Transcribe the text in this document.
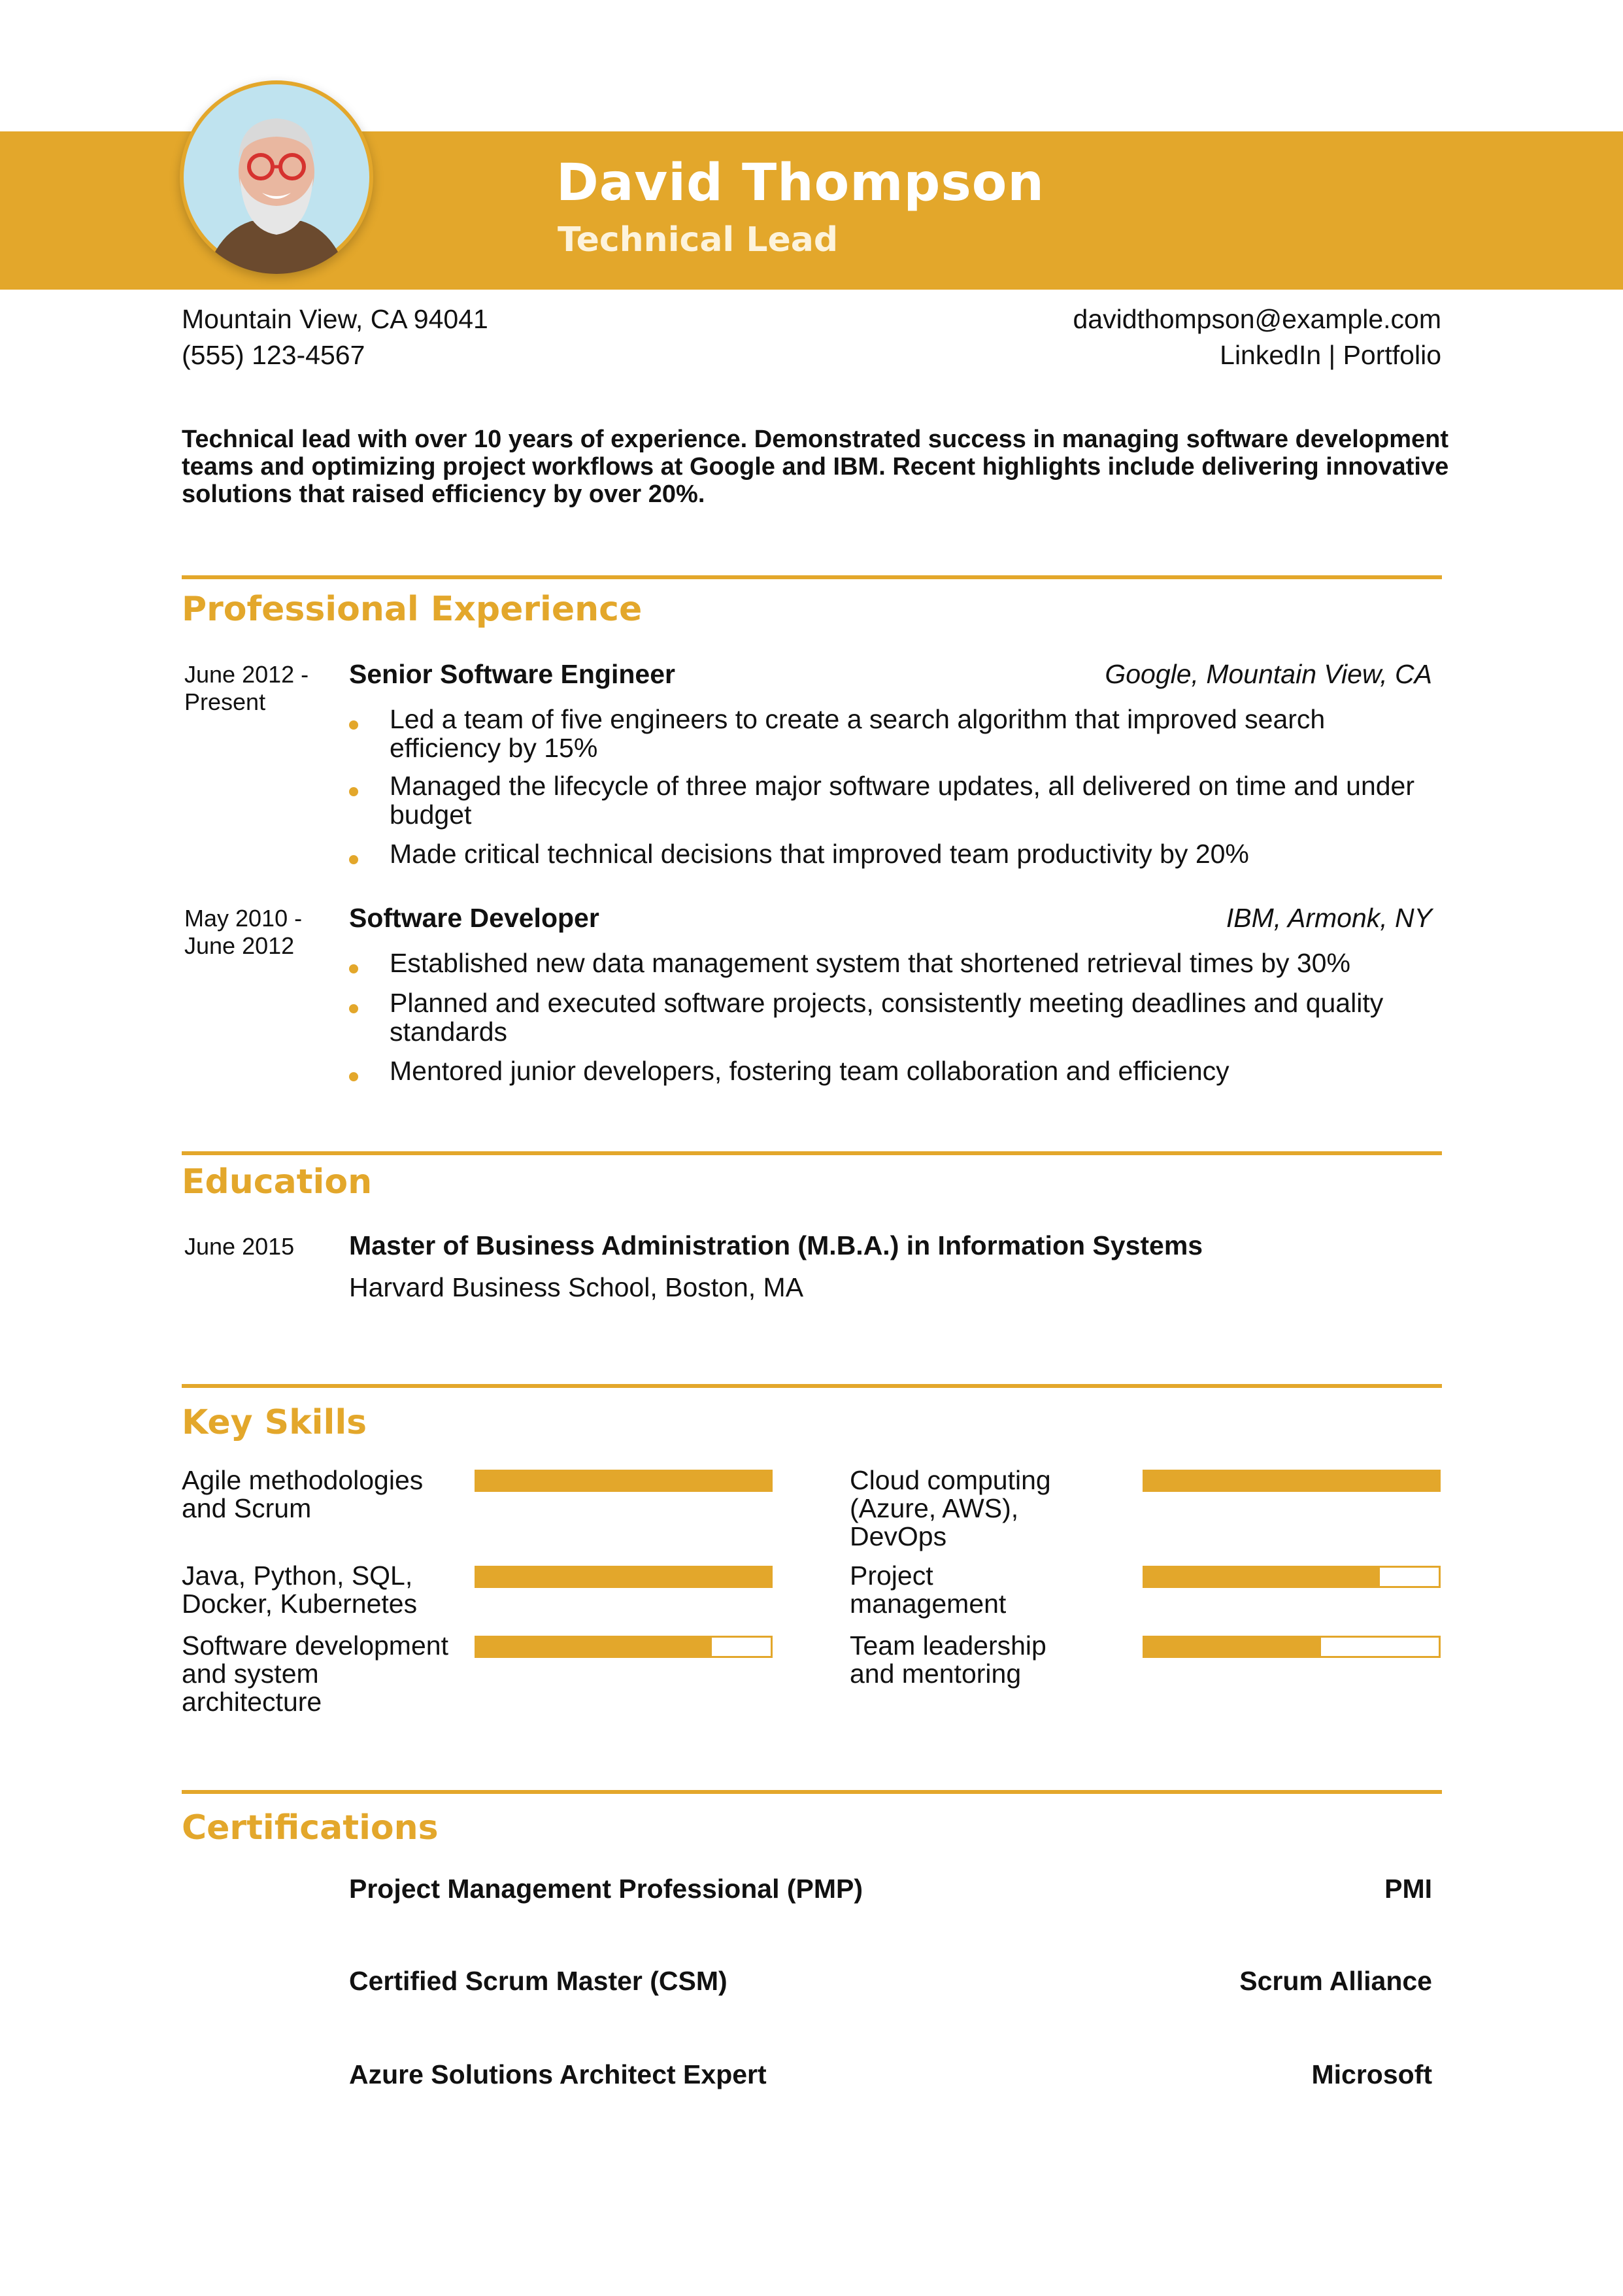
David Thompson
Technical Lead
Mountain View, CA 94041
(555) 123-4567
davidthompson@example.com
LinkedIn | Portfolio
Technical lead with over 10 years of experience. Demonstrated success in managing software development teams and optimizing project workflows at Google and IBM. Recent highlights include delivering innovative solutions that raised efficiency by over 20%.
Professional Experience
June 2012 - Present
Senior Software Engineer	Google, Mountain View, CA
Led a team of five engineers to create a search algorithm that improved search efficiency by 15%
Managed the lifecycle of three major software updates, all delivered on time and under budget
Made critical technical decisions that improved team productivity by 20%
May 2010 - June 2012
Software Developer	IBM, Armonk, NY
Established new data management system that shortened retrieval times by 30%
Planned and executed software projects, consistently meeting deadlines and quality standards
Mentored junior developers, fostering team collaboration and efficiency
Education
June 2015	Master of Business Administration (M.B.A.) in Information Systems
Harvard Business School, Boston, MA
Key Skills
Agile methodologies and Scrum
Cloud computing (Azure, AWS), DevOps
Java, Python, SQL, Docker, Kubernetes
Project management
Software development and system architecture
Team leadership and mentoring
Certifications
Project Management Professional (PMP)	PMI
Certified Scrum Master (CSM)	Scrum Alliance
Azure Solutions Architect Expert	Microsoft
